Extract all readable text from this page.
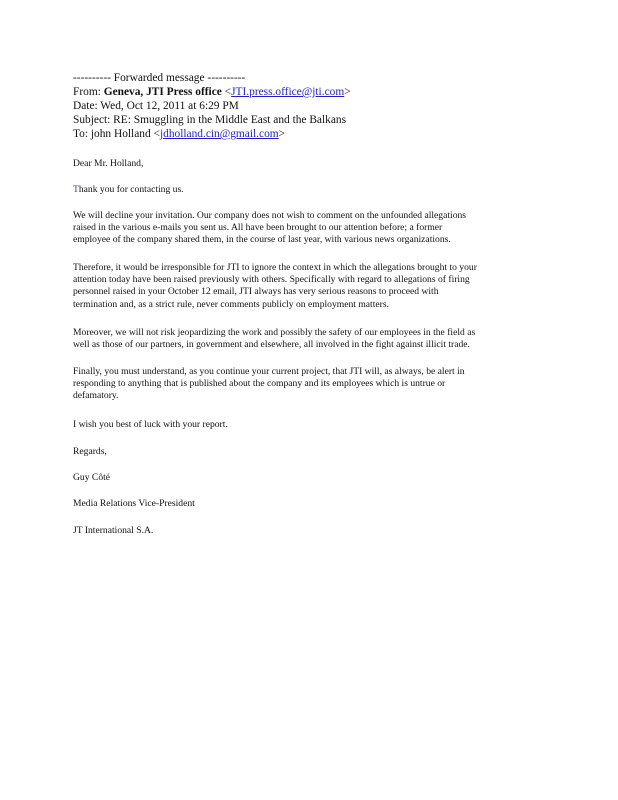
---------- Forwarded message ----------
From: Geneva, JTI Press office <JTI.press.office@jti.com>
Date: Wed, Oct 12, 2011 at 6:29 PM
Subject: RE: Smuggling in the Middle East and the Balkans
To: john Holland <jdholland.cin@gmail.com>

Dear Mr. Holland,

Thank you for contacting us.

We will decline your invitation. Our company does not wish to comment on the unfounded allegations
raised in the various e-mails you sent us. All have been brought to our attention before; a former
employee of the company shared them, in the course of last year, with various news organizations.

Therefore, it would be irresponsible for JTI to ignore the context in which the allegations brought to your
attention today have been raised previously with others. Specifically with regard to allegations of firing
personnel raised in your October 12 email, JTI always has very serious reasons to proceed with
termination and, as a strict rule, never comments publicly on employment matters.

Moreover, we will not risk jeopardizing the work and possibly the safety of our employees in the field as
well as those of our partners, in government and elsewhere, all involved in the fight against illicit trade.

Finally, you must understand, as you continue your current project, that JTI will, as always, be alert in
responding to anything that is published about the company and its employees which is untrue or
defamatory.

I wish you best of luck with your report.

Regards,

Guy Côté

Media Relations Vice-President

JT International S.A.
